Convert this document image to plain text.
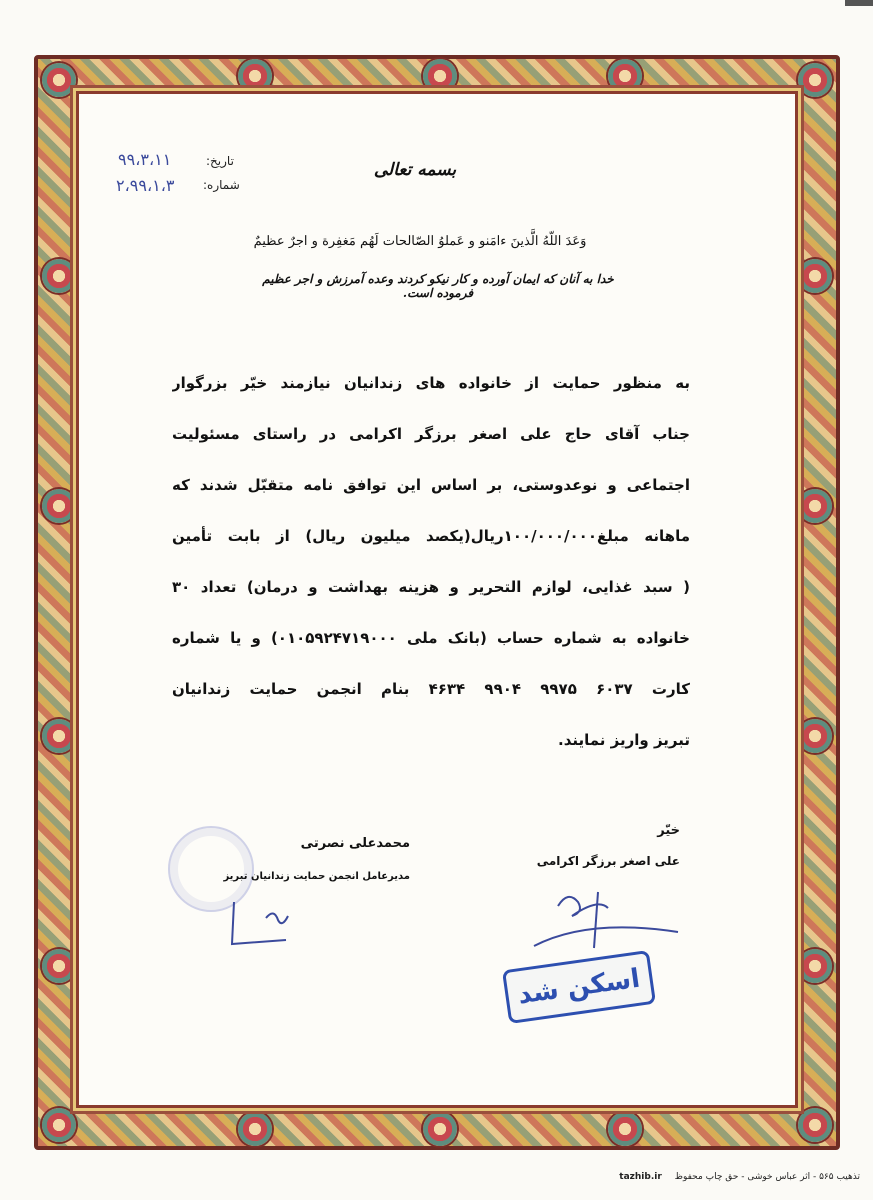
تاریخ:
شماره:
۹۹،۳،۱۱
۲،۹۹،۱،۳
بسمه تعالی
وَعَدَ اللّهُ الَّذینَ ءامَنو و عَملوُ الصّالحات لَهُم مَغفِرة و اجرٌ عظیمٌ
خدا به آنان که ایمان آورده و کار نیکو کردند وعده آمرزش و اجر عظیم فرموده است.
به منظور حمایت از خانواده های زندانیان نیازمند خیّر بزرگوار
جناب آقای حاج علی اصغر برزگر اکرامی در راستای مسئولیت
اجتماعی و نوعدوستی، بر اساس این توافق نامه متقبّل شدند که
ماهانه مبلغ۱۰۰/۰۰۰/۰۰۰ریال(یکصد میلیون ریال) از بابت تأمین
( سبد غذایی، لوازم التحریر و هزینه بهداشت و درمان) تعداد ۳۰
خانواده به شماره حساب (بانک ملی ۰۱۰۵۹۲۴۷۱۹۰۰۰) و یا شماره
کارت ۶۰۳۷ ۹۹۷۵ ۹۹۰۴ ۴۶۳۴ بنام انجمن حمایت زندانیان
تبریز واریز نمایند.
خیّر
علی اصغر برزگر اکرامی
محمدعلی نصرتی
مدیرعامل انجمن حمایت زندانیان تبریز
اسکن شد
تذهیب ۵۶۵ - اثر عباس خوشی - حق چاپ محفوظ tazhib.ir
